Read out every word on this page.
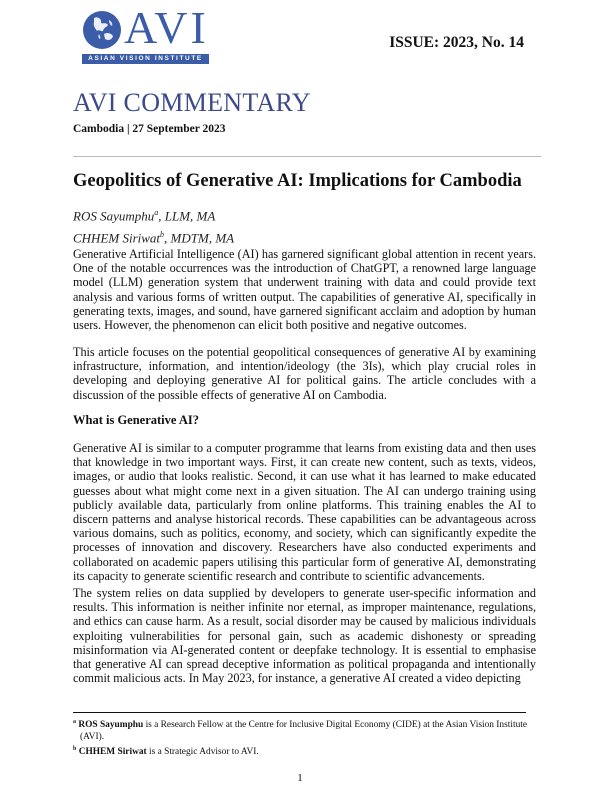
AVI
ASIAN VISION INSTITUTE
ISSUE: 2023, No. 14
AVI COMMENTARY
Cambodia | 27 September 2023
Geopolitics of Generative AI: Implications for Cambodia
ROS Sayumphu$^a$, LLM, MA
CHHEM Siriwat$^b$, MDTM, MA

Generative Artificial Intelligence (AI) has garnered significant global attention in recent years. One of the notable occurrences was the introduction of ChatGPT, a renowned large language model (LLM) generation system that underwent training with data and could provide text analysis and various forms of written output. The capabilities of generative AI, specifically in generating texts, images, and sound, have garnered significant acclaim and adoption by human users. However, the phenomenon can elicit both positive and negative outcomes.

This article focuses on the potential geopolitical consequences of generative AI by examining infrastructure, information, and intention/ideology (the 3Is), which play crucial roles in developing and deploying generative AI for political gains. The article concludes with a discussion of the possible effects of generative AI on Cambodia.

What is Generative AI?

Generative AI is similar to a computer programme that learns from existing data and then uses that knowledge in two important ways. First, it can create new content, such as texts, videos, images, or audio that looks realistic. Second, it can use what it has learned to make educated guesses about what might come next in a given situation. The AI can undergo training using publicly available data, particularly from online platforms. This training enables the AI to discern patterns and analyse historical records. These capabilities can be advantageous across various domains, such as politics, economy, and society, which can significantly expedite the processes of innovation and discovery. Researchers have also conducted experiments and collaborated on academic papers utilising this particular form of generative AI, demonstrating its capacity to generate scientific research and contribute to scientific advancements.

The system relies on data supplied by developers to generate user-specific information and results. This information is neither infinite nor eternal, as improper maintenance, regulations, and ethics can cause harm. As a result, social disorder may be caused by malicious individuals exploiting vulnerabilities for personal gain, such as academic dishonesty or spreading misinformation via AI-generated content or deepfake technology. It is essential to emphasise that generative AI can spread deceptive information as political propaganda and intentionally commit malicious acts. In May 2023, for instance, a generative AI created a video depicting

$^a$ ROS Sayumphu is a Research Fellow at the Centre for Inclusive Digital Economy (CIDE) at the Asian Vision Institute (AVI).

$^b$ CHHEM Siriwat is a Strategic Advisor to AVI.

1
